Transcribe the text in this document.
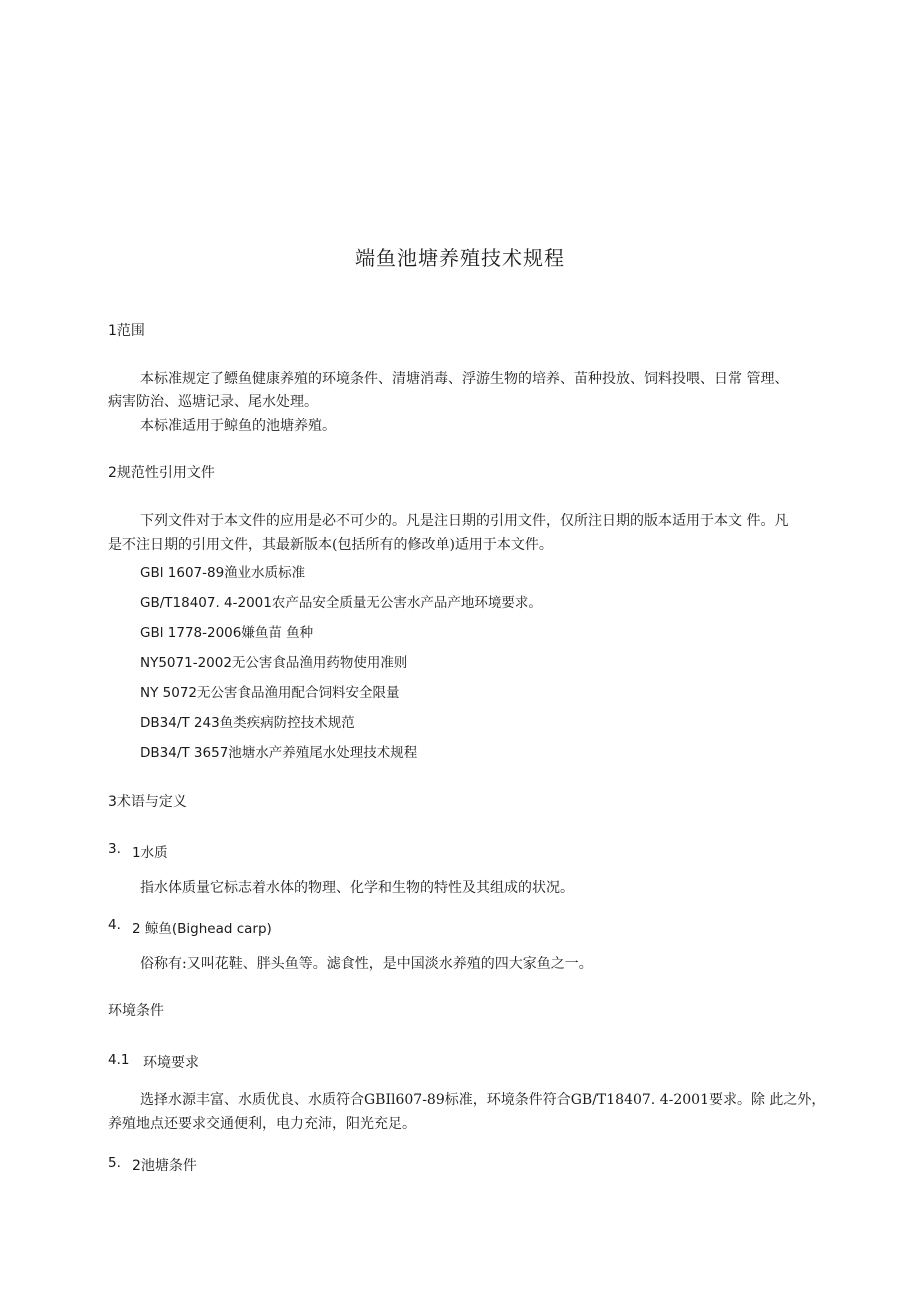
端鱼池塘养殖技术规程
1范围
本标准规定了鳔鱼健康养殖的环境条件、清塘消毒、浮游生物的培养、苗种投放、饲料投喂、日常 管理、
病害防治、巡塘记录、尾水处理。
本标准适用于鲸鱼的池塘养殖。
2规范性引用文件
下列文件对于本文件的应用是必不可少的。凡是注日期的引用文件，仅所注日期的版本适用于本文 件。凡
是不注日期的引用文件，其最新版本(包括所有的修改单)适用于本文件。
GBl 1607-89渔业水质标准
GB/T18407. 4-2001农产品安全质量无公害水产品产地环境要求。
GBl 1778-2006嫌鱼苗 鱼种
NY5071-2002无公害食品渔用药物使用准则
NY 5072无公害食品渔用配合饲料安全限量
DB34/T 243鱼类疾病防控技术规范
DB34/T 3657池塘水产养殖尾水处理技术规程
3术语与定义
3. 1水质
指水体质量它标志着水体的物理、化学和生物的特性及其组成的状况。
4. 2 鲸鱼(Bighead carp)
俗称有:又叫花鞋、胖头鱼等。滤食性，是中国淡水养殖的四大家鱼之一。
环境条件
4.1 环境要求
选择水源丰富、水质优良、水质符合GBIl607-89标准，环境条件符合GB/T18407. 4-2001要求。除 此之外，
养殖地点还要求交通便利，电力充沛，阳光充足。
5. 2池塘条件
